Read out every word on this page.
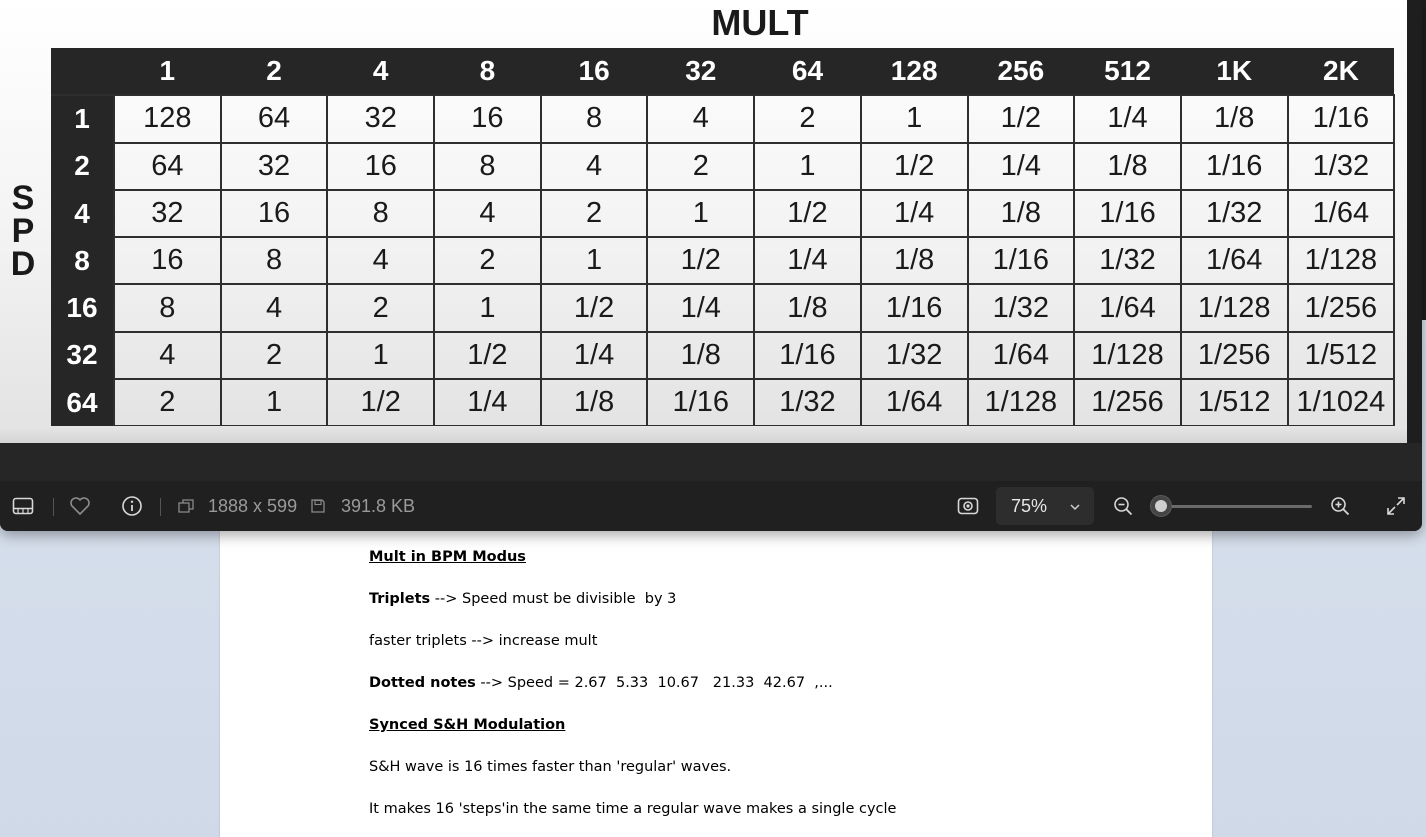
Mult in BPM Modus
Triplets --> Speed must be divisible  by 3
faster triplets --> increase mult
Dotted notes --> Speed = 2.67  5.33  10.67   21.33  42.67  ,...
Synced S&H Modulation
S&H wave is 16 times faster than 'regular' waves.
It makes 16 'steps'in the same time a regular wave makes a single cycle
MULT
S
P
D
	1	2	4	8	16	32	64	128	256	512	1K	2K
1	128	64	32	16	8	4	2	1	1/2	1/4	1/8	1/16
2	64	32	16	8	4	2	1	1/2	1/4	1/8	1/16	1/32
4	32	16	8	4	2	1	1/2	1/4	1/8	1/16	1/32	1/64
8	16	8	4	2	1	1/2	1/4	1/8	1/16	1/32	1/64	1/128
16	8	4	2	1	1/2	1/4	1/8	1/16	1/32	1/64	1/128	1/256
32	4	2	1	1/2	1/4	1/8	1/16	1/32	1/64	1/128	1/256	1/512
64	2	1	1/2	1/4	1/8	1/16	1/32	1/64	1/128	1/256	1/512	1/1024
1888 x 599 391.8 KB	75%
